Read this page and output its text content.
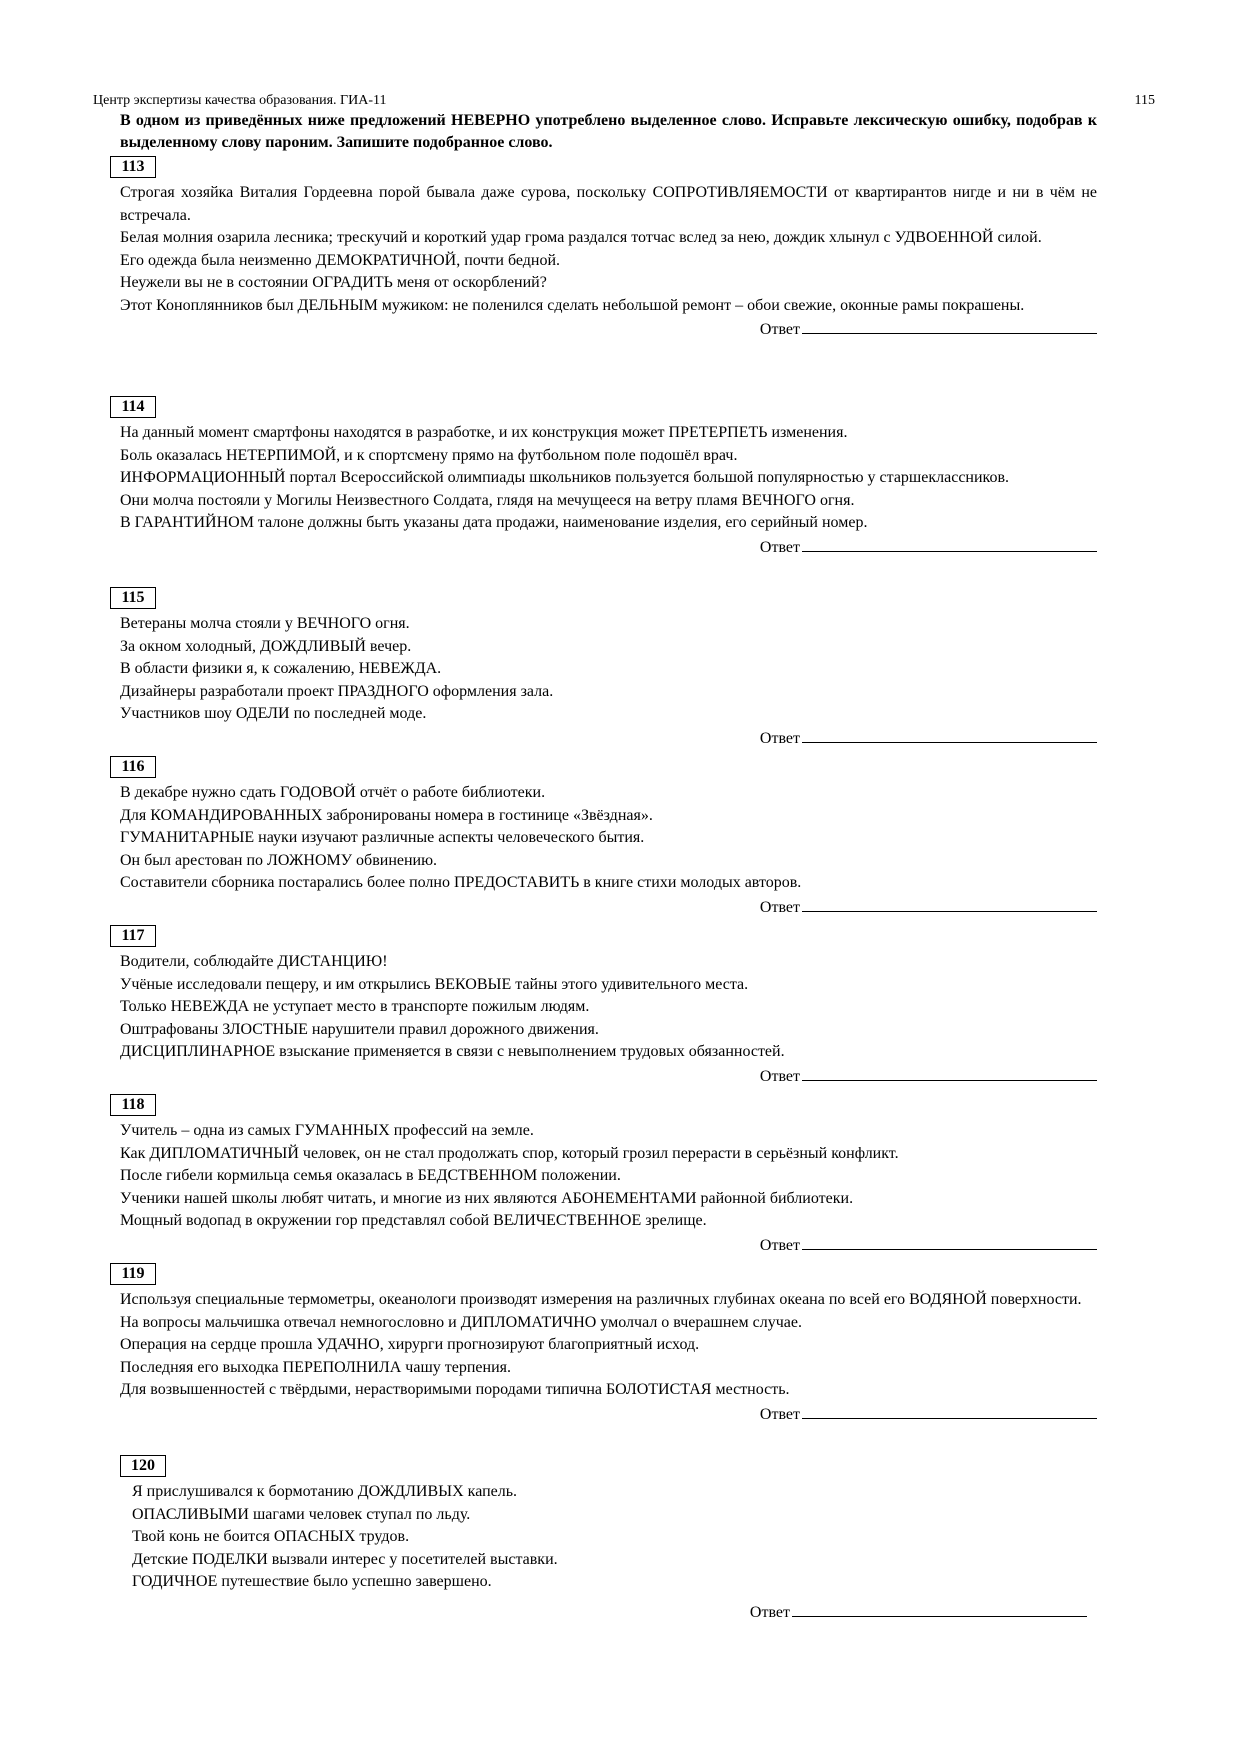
Центр экспертизы качества образования. ГИА-11	115
В одном из приведённых ниже предложений НЕВЕРНО употреблено выделенное слово. Исправьте лексическую ошибку, подобрав к выделенному слову пароним. Запишите подобранное слово.
113
Строгая хозяйка Виталия Гордеевна порой бывала даже сурова, поскольку СОПРОТИВЛЯЕМОСТИ от квартирантов нигде и ни в чём не встречала.
Белая молния озарила лесника; трескучий и короткий удар грома раздался тотчас вслед за нею, дождик хлынул с УДВОЕННОЙ силой.
Его одежда была неизменно ДЕМОКРАТИЧНОЙ, почти бедной.
Неужели вы не в состоянии ОГРАДИТЬ меня от оскорблений?
Этот Коноплянников был ДЕЛЬНЫМ мужиком: не поленился сделать небольшой ремонт – обои свежие, оконные рамы покрашены.
Ответ
114
На данный момент смартфоны находятся в разработке, и их конструкция может ПРЕТЕРПЕТЬ изменения.
Боль оказалась НЕТЕРПИМОЙ, и к спортсмену прямо на футбольном поле подошёл врач.
ИНФОРМАЦИОННЫЙ портал Всероссийской олимпиады школьников пользуется большой популярностью у старшеклассников.
Они молча постояли у Могилы Неизвестного Солдата, глядя на мечущееся на ветру пламя ВЕЧНОГО огня.
В ГАРАНТИЙНОМ талоне должны быть указаны дата продажи, наименование изделия, его серийный номер.
Ответ
115
Ветераны молча стояли у ВЕЧНОГО огня.
За окном холодный, ДОЖДЛИВЫЙ вечер.
В области физики я, к сожалению, НЕВЕЖДА.
Дизайнеры разработали проект ПРАЗДНОГО оформления зала.
Участников шоу ОДЕЛИ по последней моде.
Ответ
116
В декабре нужно сдать ГОДОВОЙ отчёт о работе библиотеки.
Для КОМАНДИРОВАННЫХ забронированы номера в гостинице «Звёздная».
ГУМАНИТАРНЫЕ науки изучают различные аспекты человеческого бытия.
Он был арестован по ЛОЖНОМУ обвинению.
Составители сборника постарались более полно ПРЕДОСТАВИТЬ в книге стихи молодых авторов.
Ответ
117
Водители, соблюдайте ДИСТАНЦИЮ!
Учёные исследовали пещеру, и им открылись ВЕКОВЫЕ тайны этого удивительного места.
Только НЕВЕЖДА не уступает место в транспорте пожилым людям.
Оштрафованы ЗЛОСТНЫЕ нарушители правил дорожного движения.
ДИСЦИПЛИНАРНОЕ взыскание применяется в связи с невыполнением трудовых обязанностей.
Ответ
118
Учитель – одна из самых ГУМАННЫХ профессий на земле.
Как ДИПЛОМАТИЧНЫЙ человек, он не стал продолжать спор, который грозил перерасти в серьёзный конфликт.
После гибели кормильца семья оказалась в БЕДСТВЕННОМ положении.
Ученики нашей школы любят читать, и многие из них являются АБОНЕМЕНТАМИ районной библиотеки.
Мощный водопад в окружении гор представлял собой ВЕЛИЧЕСТВЕННОЕ зрелище.
Ответ
119
Используя специальные термометры, океанологи производят измерения на различных глубинах океана по всей его ВОДЯНОЙ поверхности.
На вопросы мальчишка отвечал немногословно и ДИПЛОМАТИЧНО умолчал о вчерашнем случае.
Операция на сердце прошла УДАЧНО, хирурги прогнозируют благоприятный исход.
Последняя его выходка ПЕРЕПОЛНИЛА чашу терпения.
Для возвышенностей с твёрдыми, нерастворимыми породами типична БОЛОТИСТАЯ местность.
Ответ
120
Я прислушивался к бормотанию ДОЖДЛИВЫХ капель.
ОПАСЛИВЫМИ шагами человек ступал по льду.
Твой конь не боится ОПАСНЫХ трудов.
Детские ПОДЕЛКИ вызвали интерес у посетителей выставки.
ГОДИЧНОЕ путешествие было успешно завершено.
Ответ
